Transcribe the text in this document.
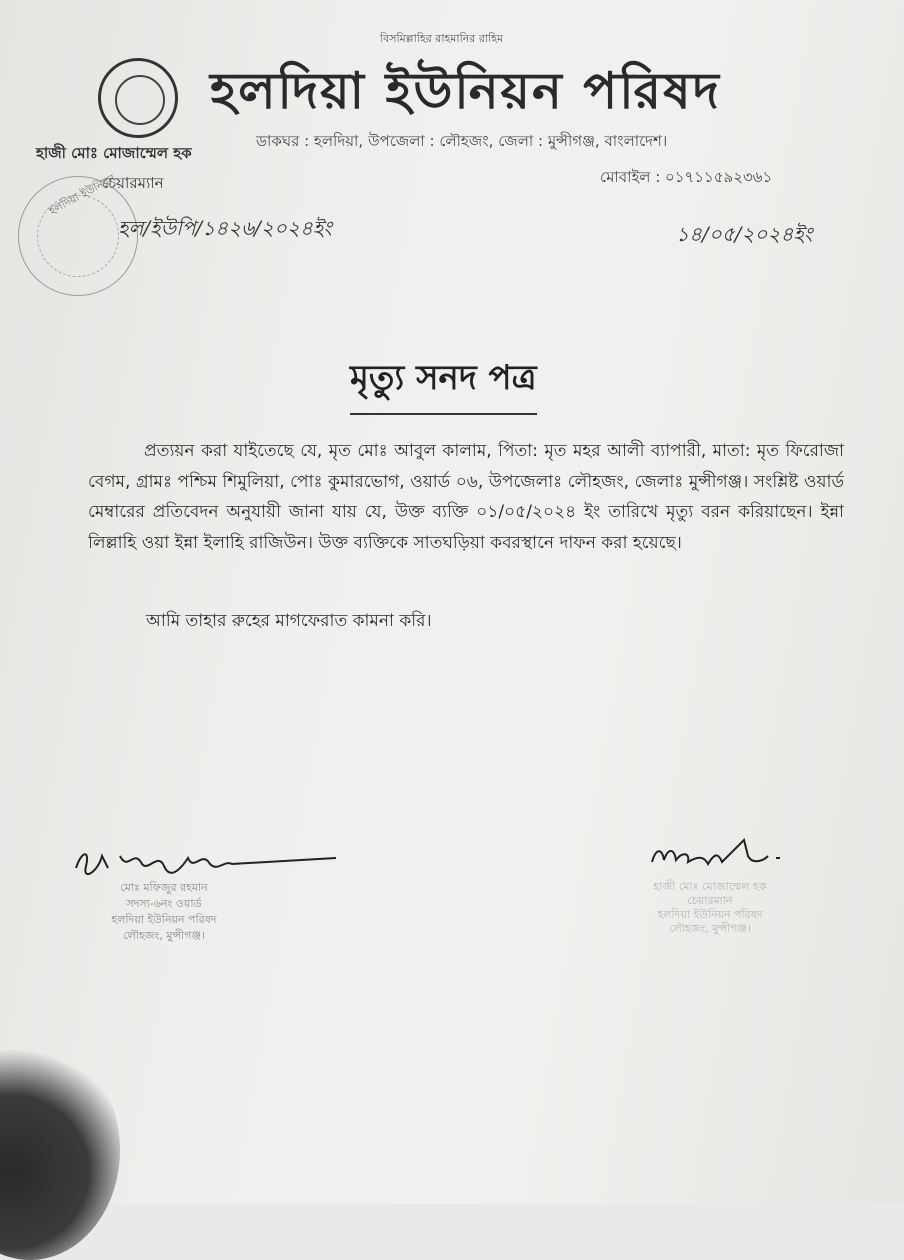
বিসমিল্লাহির রাহমানির রাহিম
হলদিয়া ইউনিয়ন পরিষদ
ডাকঘর : হলদিয়া, উপজেলা : লৌহজং, জেলা : মুন্সীগঞ্জ, বাংলাদেশ।
মোবাইল : ০১৭১১৫৯২৩৬১
হাজী মোঃ মোজাম্মেল হক
চেয়ারম্যান
হলদিয়া ইউনিয়ন
হল/ইউপি/১৪২৬/২০২৪ইং	১৪/০৫/২০২৪ইং
মৃত্যু সনদ পত্র
প্রত্যয়ন করা যাইতেছে যে, মৃত মোঃ আবুল কালাম, পিতা: মৃত মহর আলী ব্যাপারী, মাতা: মৃত ফিরোজা বেগম, গ্রামঃ পশ্চিম শিমুলিয়া, পোঃ কুমারভোগ, ওয়ার্ড ০৬, উপজেলাঃ লৌহজং, জেলাঃ মুন্সীগঞ্জ। সংশ্লিষ্ট ওয়ার্ড মেম্বারের প্রতিবেদন অনুযায়ী জানা যায় যে, উক্ত ব্যক্তি ০১/০৫/২০২৪ ইং তারিখে মৃত্যু বরন করিয়াছেন। ইন্না লিল্লাহি ওয়া ইন্না ইলাহি রাজিউন। উক্ত ব্যক্তিকে সাতঘড়িয়া কবরস্থানে দাফন করা হয়েছে।
আমি তাহার রুহের মাগফেরাত কামনা করি।
মোঃ মফিজুর রহমান
সদস্য-৬নং ওয়ার্ড
হলদিয়া ইউনিয়ন পরিষদ
লৌহজং, মুন্সীগঞ্জ।
হাজী মোঃ মোজাম্মেল হক
চেয়ারম্যান
হলদিয়া ইউনিয়ন পরিষদ
লৌহজং, মুন্সীগঞ্জ।
